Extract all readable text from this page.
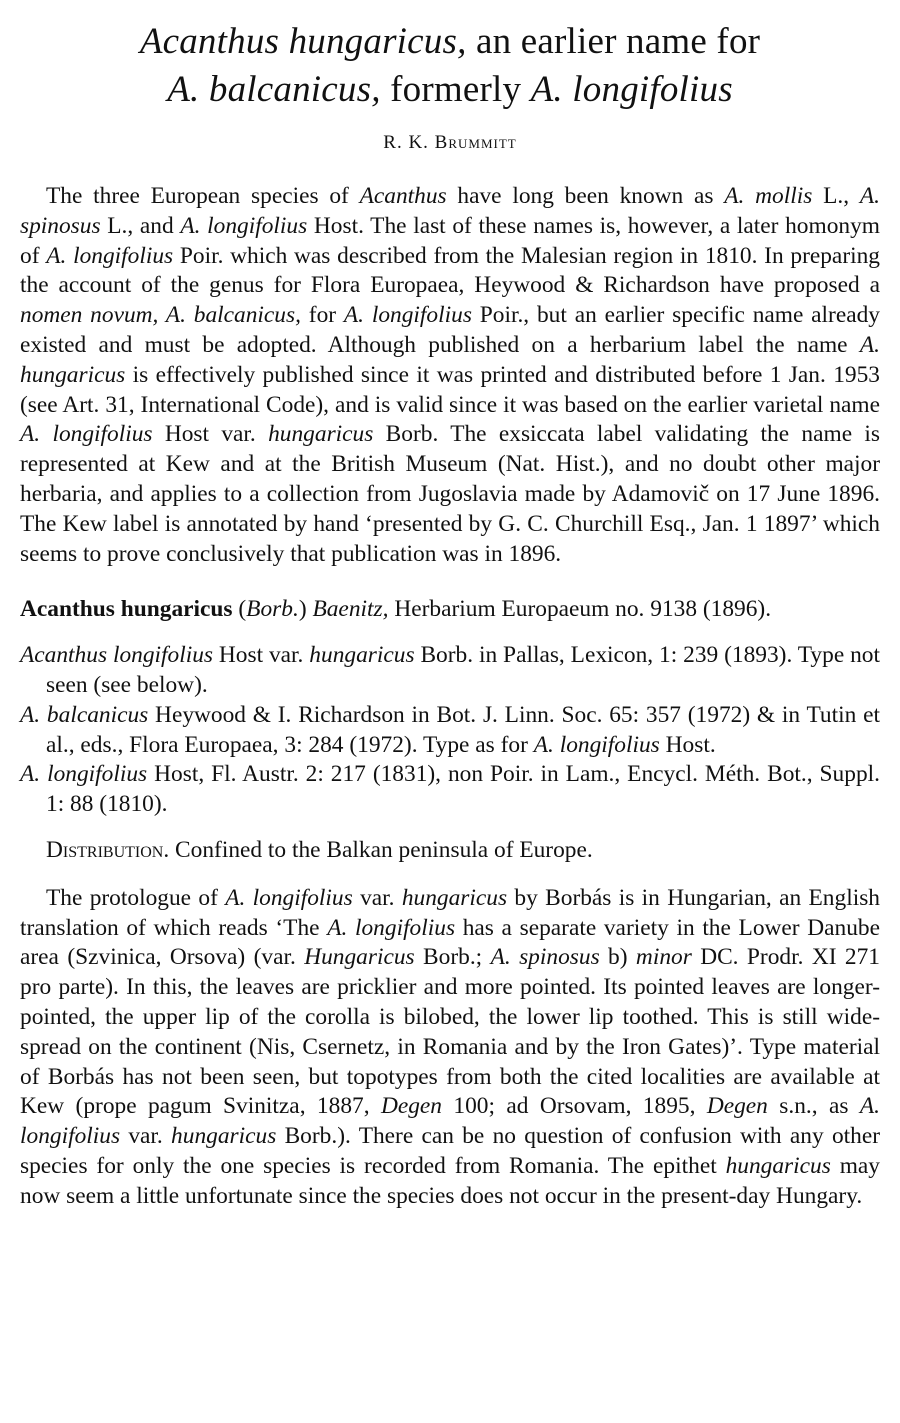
Acanthus hungaricus, an earlier name for
A. balcanicus, formerly A. longifolius
R. K. Brummitt

The three European species of Acanthus have long been known as A. mollis L., A. spinosus L., and A. longifolius Host. The last of these names is, however, a later homonym of A. longifolius Poir. which was described from the Malesian region in 1810. In preparing the account of the genus for Flora Europaea, Heywood & Richardson have proposed a nomen novum, A. balcanicus, for A. longifolius Poir., but an earlier specific name already existed and must be adopted. Although published on a herbarium label the name A. hungaricus is effectively published since it was printed and distributed before 1 Jan. 1953 (see Art. 31, International Code), and is valid since it was based on the earlier varietal name A. longifolius Host var. hungaricus Borb. The exsiccata label validating the name is represented at Kew and at the British Museum (Nat. Hist.), and no doubt other major herbaria, and applies to a collection from Jugoslavia made by Adamovič on 17 June 1896. The Kew label is annotated by hand ‘presented by G. C. Churchill Esq., Jan. 1 1897’ which seems to prove conclusively that publication was in 1896.

Acanthus hungaricus (Borb.) Baenitz, Herbarium Europaeum no. 9138 (1896).

Acanthus longifolius Host var. hungaricus Borb. in Pallas, Lexicon, 1: 239 (1893). Type not seen (see below).

A. balcanicus Heywood & I. Richardson in Bot. J. Linn. Soc. 65: 357 (1972) & in Tutin et al., eds., Flora Europaea, 3: 284 (1972). Type as for A. longifolius Host.

A. longifolius Host, Fl. Austr. 2: 217 (1831), non Poir. in Lam., Encycl. Méth. Bot., Suppl. 1: 88 (1810).

Distribution. Confined to the Balkan peninsula of Europe.

The protologue of A. longifolius var. hungaricus by Borbás is in Hungarian, an English translation of which reads ‘The A. longifolius has a separate variety in the Lower Danube area (Szvinica, Orsova) (var. Hungaricus Borb.; A. spinosus b) minor DC. Prodr. XI 271 pro parte). In this, the leaves are pricklier and more pointed. Its pointed leaves are longer-pointed, the upper lip of the corolla is bilobed, the lower lip toothed. This is still wide-spread on the continent (Nis, Csernetz, in Romania and by the Iron Gates)’. Type material of Borbás has not been seen, but topotypes from both the cited localities are available at Kew (prope pagum Svinitza, 1887, Degen 100; ad Orsovam, 1895, Degen s.n., as A. longifolius var. hungaricus Borb.). There can be no question of confusion with any other species for only the one species is recorded from Romania. The epithet hungaricus may now seem a little unfortunate since the species does not occur in the present-day Hungary.
